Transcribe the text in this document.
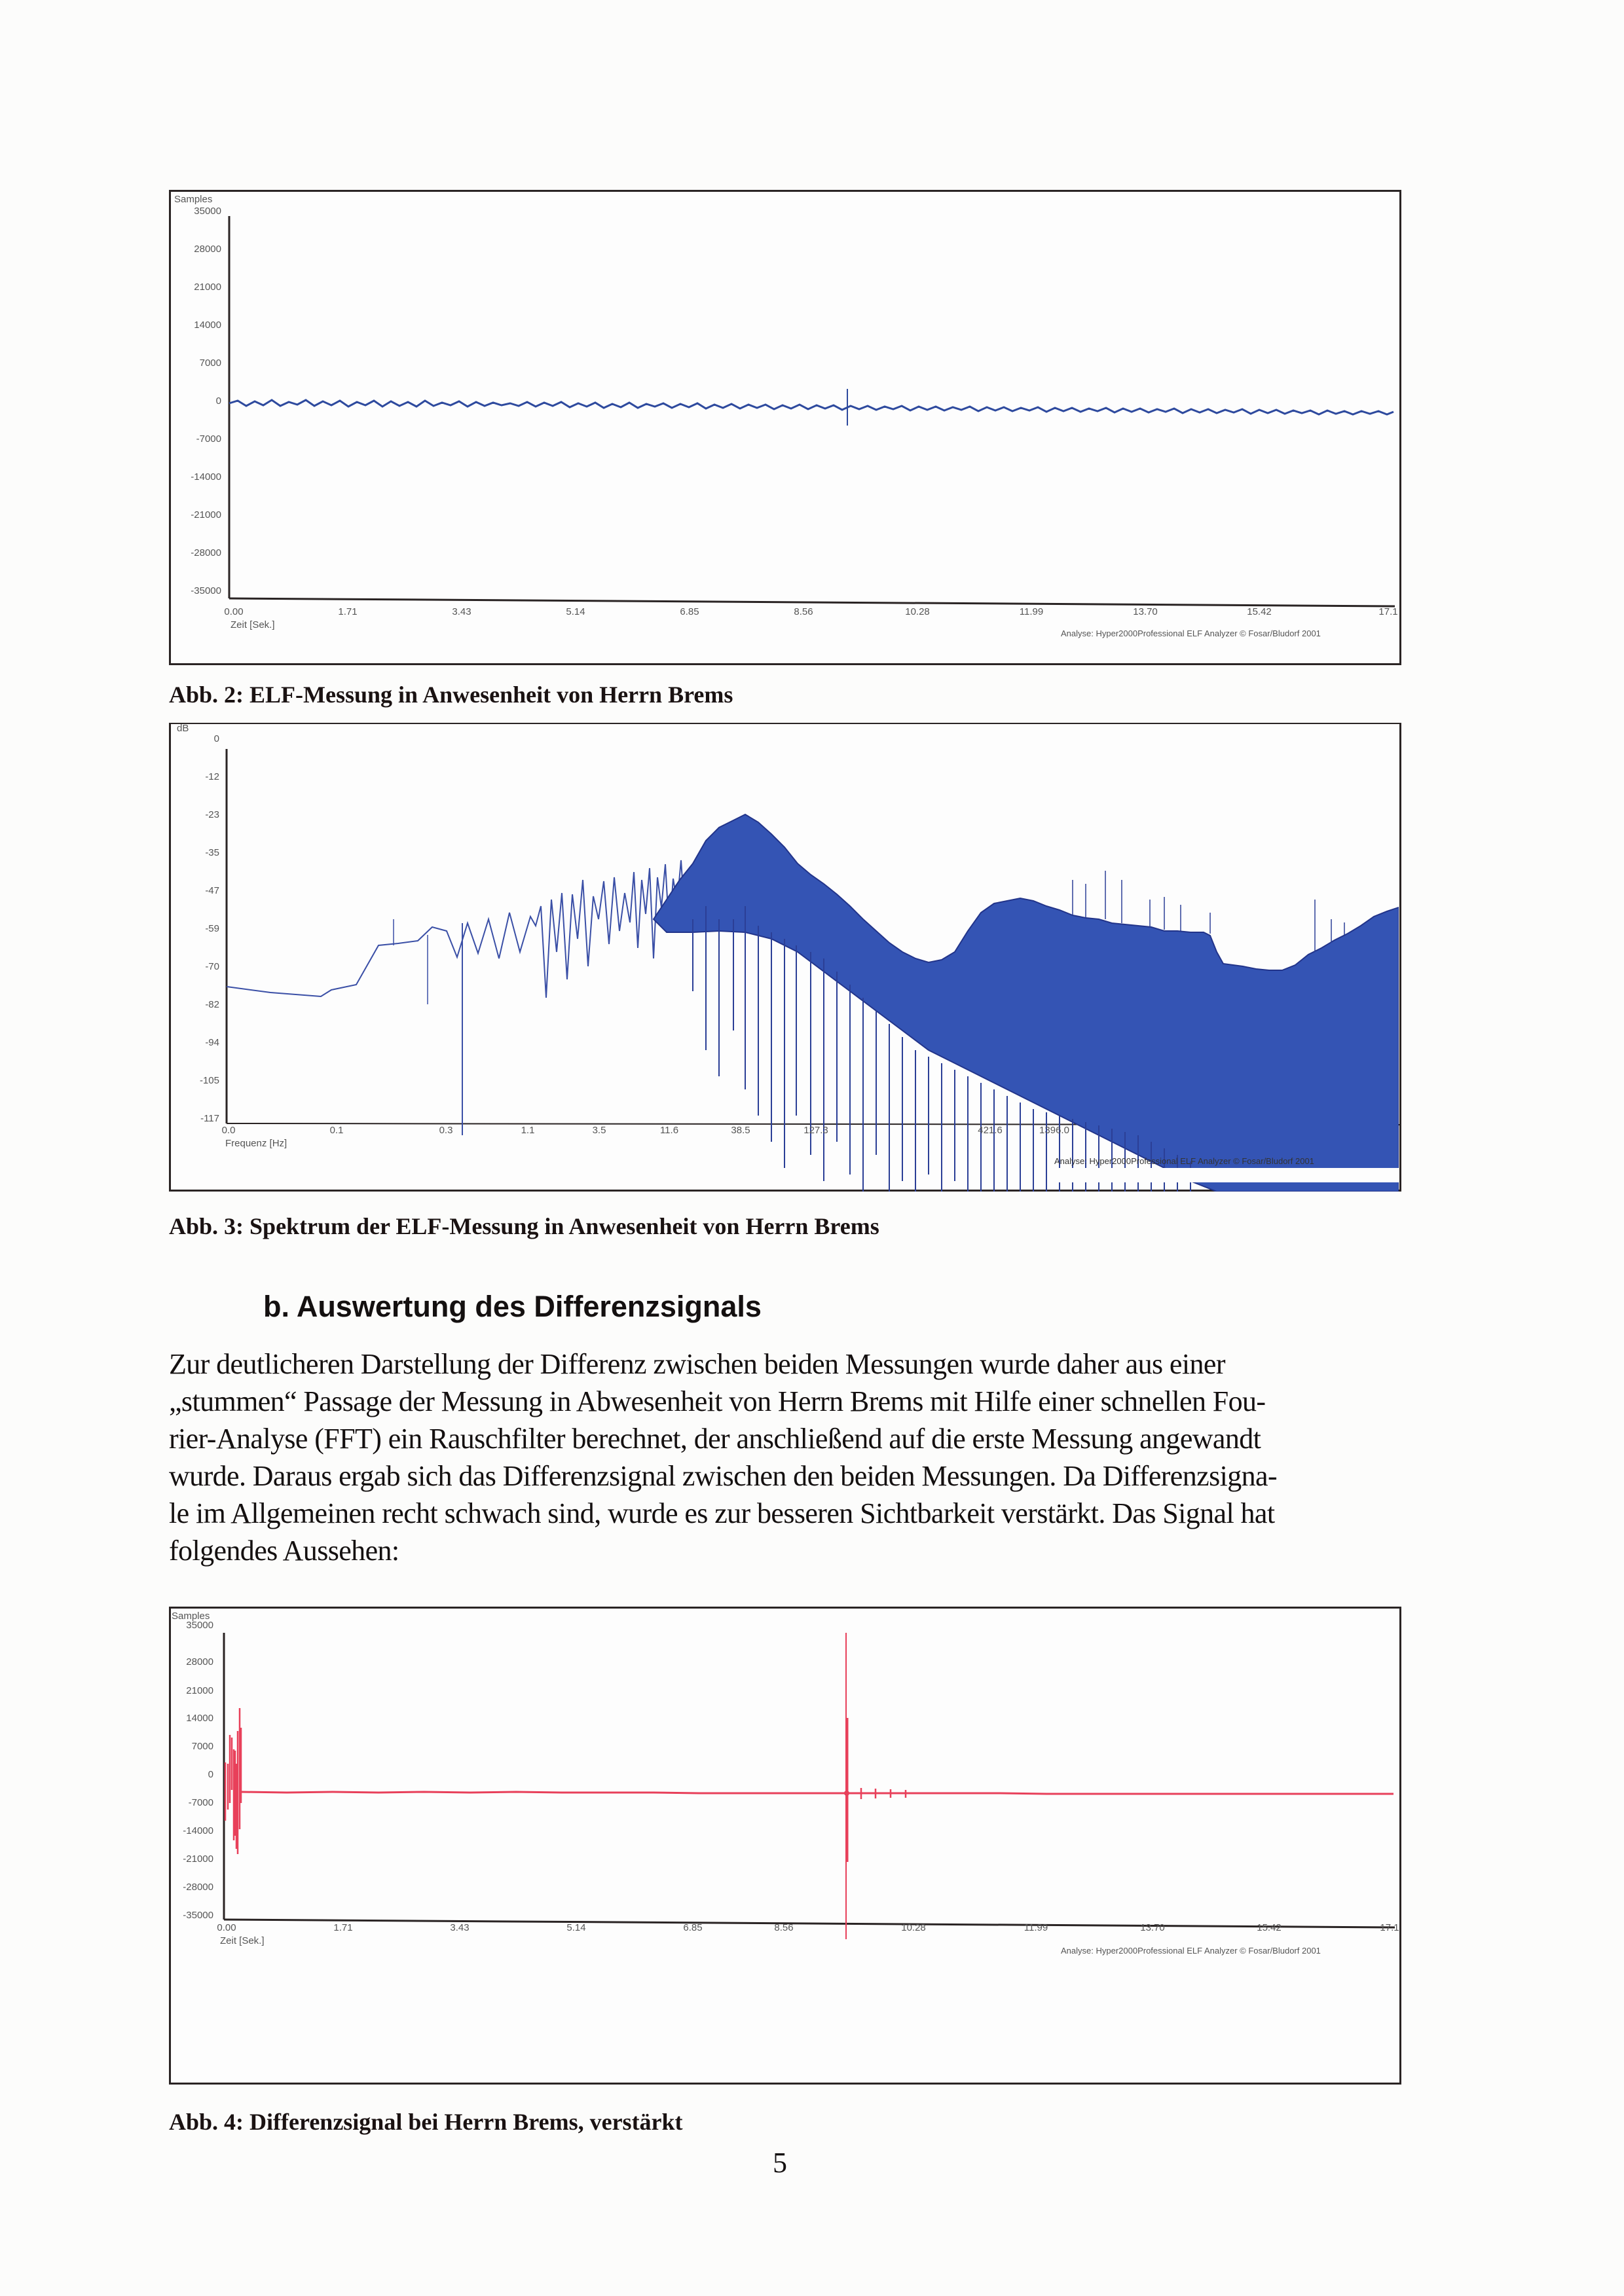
Samples
35000
28000
21000
14000
7000
0
-7000
-14000
-21000
-28000
-35000
0.00	1.71	3.43	5.14	6.85	8.56	10.28	11.99	13.70	15.42	17.1
Zeit [Sek.]
Analyse: Hyper2000Professional ELF Analyzer © Fosar/Bludorf 2001
Abb. 2: ELF-Messung in Anwesenheit von Herrn Brems
dB
0
-12
-23
-35
-47
-59
-70
-82
-94
-105
-117
0.0	0.1	0.3	1.1	3.5	11.6	38.5	127.3	421.6	1396.0
Frequenz [Hz]
Analyse: Hyper2000Professional ELF Analyzer © Fosar/Bludorf 2001
Abb. 3: Spektrum der ELF-Messung in Anwesenheit von Herrn Brems
b. Auswertung des Differenzsignals
Zur deutlicheren Darstellung der Differenz zwischen beiden Messungen wurde daher aus einer
„stummen“ Passage der Messung in Abwesenheit von Herrn Brems mit Hilfe einer schnellen Fou-
rier-Analyse (FFT) ein Rauschfilter berechnet, der anschließend auf die erste Messung angewandt
wurde. Daraus ergab sich das Differenzsignal zwischen den beiden Messungen. Da Differenzsigna-
le im Allgemeinen recht schwach sind, wurde es zur besseren Sichtbarkeit verstärkt. Das Signal hat
folgendes Aussehen:
Samples
35000
28000
21000
14000
7000
0
-7000
-14000
-21000
-28000
-35000
0.00	1.71	3.43	5.14	6.85	8.56	10.28	11.99	13.70	15.42	17.1
Zeit [Sek.]
Analyse: Hyper2000Professional ELF Analyzer © Fosar/Bludorf 2001
Abb. 4: Differenzsignal bei Herrn Brems, verstärkt
5
